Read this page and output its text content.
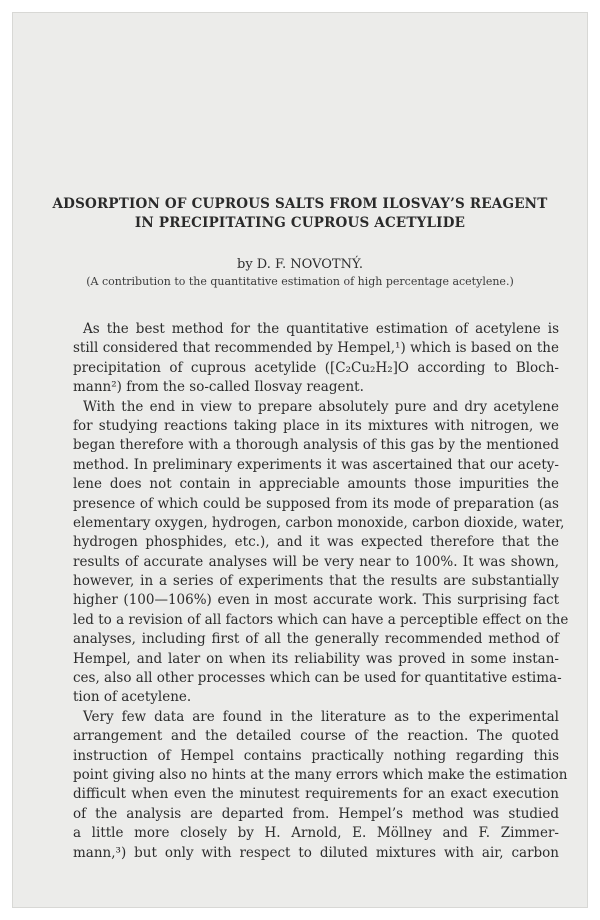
ADSORPTION OF CUPROUS SALTS FROM ILOSVAY’S REAGENT
IN PRECIPITATING CUPROUS ACETYLIDE
by D. F. NOVOTNÝ.
(A contribution to the quantitative estimation of high percentage acetylene.)
As the best method for the quantitative estimation of acetylene is
still considered that recommended by Hempel,¹) which is based on the
precipitation of cuprous acetylide ([C₂Cu₂H₂]O according to Bloch-
mann²) from the so-called Ilosvay reagent.
With the end in view to prepare absolutely pure and dry acetylene
for studying reactions taking place in its mixtures with nitrogen, we
began therefore with a thorough analysis of this gas by the mentioned
method. In preliminary experiments it was ascertained that our acety-
lene does not contain in appreciable amounts those impurities the
presence of which could be supposed from its mode of preparation (as
elementary oxygen, hydrogen, carbon monoxide, carbon dioxide, water,
hydrogen phosphides, etc.), and it was expected therefore that the
results of accurate analyses will be very near to 100%. It was shown,
however, in a series of experiments that the results are substantially
higher (100—106%) even in most accurate work. This surprising fact
led to a revision of all factors which can have a perceptible effect on the
analyses, including first of all the generally recommended method of
Hempel, and later on when its reliability was proved in some instan-
ces, also all other processes which can be used for quantitative estima-
tion of acetylene.
Very few data are found in the literature as to the experimental
arrangement and the detailed course of the reaction. The quoted
instruction of Hempel contains practically nothing regarding this
point giving also no hints at the many errors which make the estimation
difficult when even the minutest requirements for an exact execution
of the analysis are departed from. Hempel’s method was studied
a little more closely by H. Arnold, E. Möllney and F. Zimmer-
mann,³) but only with respect to diluted mixtures with air, carbon
